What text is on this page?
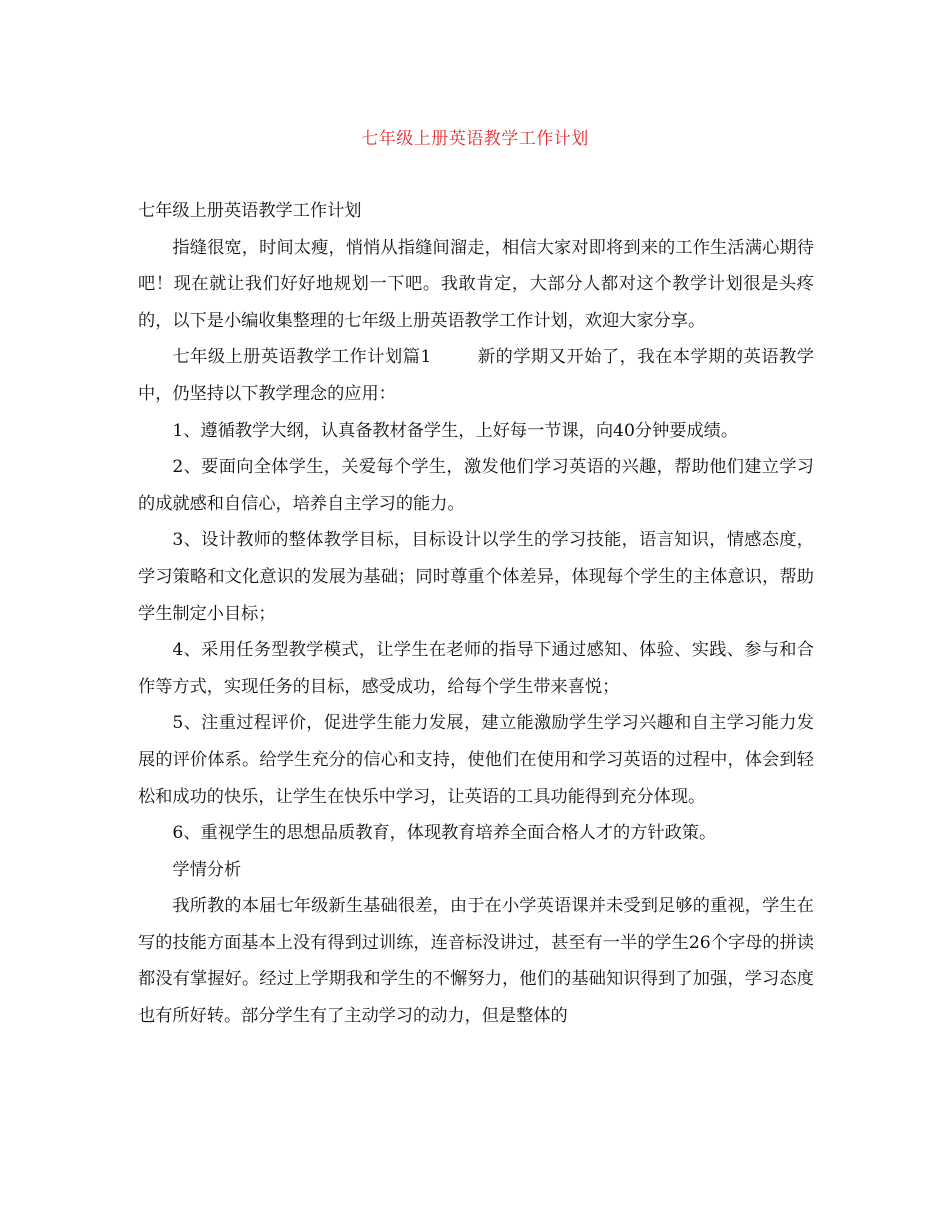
七年级上册英语教学工作计划

七年级上册英语教学工作计划

指缝很宽，时间太瘦，悄悄从指缝间溜走，相信大家对即将到来的工作生活满心期待吧！现在就让我们好好地规划一下吧。我敢肯定，大部分人都对这个教学计划很是头疼的，以下是小编收集整理的七年级上册英语教学工作计划，欢迎大家分享。

七年级上册英语教学工作计划篇1	新的学期又开始了，我在本学期的英语教学中，仍坚持以下教学理念的应用：

1、遵循教学大纲，认真备教材备学生，上好每一节课，向40分钟要成绩。

2、要面向全体学生，关爱每个学生，激发他们学习英语的兴趣，帮助他们建立学习的成就感和自信心，培养自主学习的能力。

3、设计教师的整体教学目标，目标设计以学生的学习技能，语言知识，情感态度，学习策略和文化意识的发展为基础；同时尊重个体差异，体现每个学生的主体意识，帮助学生制定小目标；

4、采用任务型教学模式，让学生在老师的指导下通过感知、体验、实践、参与和合作等方式，实现任务的目标，感受成功，给每个学生带来喜悦；

5、注重过程评价，促进学生能力发展，建立能激励学生学习兴趣和自主学习能力发展的评价体系。给学生充分的信心和支持，使他们在使用和学习英语的过程中，体会到轻松和成功的快乐，让学生在快乐中学习，让英语的工具功能得到充分体现。

6、重视学生的思想品质教育，体现教育培养全面合格人才的方针政策。

学情分析

我所教的本届七年级新生基础很差，由于在小学英语课并未受到足够的重视，学生在写的技能方面基本上没有得到过训练，连音标没讲过，甚至有一半的学生26个字母的拼读都没有掌握好。经过上学期我和学生的不懈努力，他们的基础知识得到了加强，学习态度也有所好转。部分学生有了主动学习的动力，但是整体的
